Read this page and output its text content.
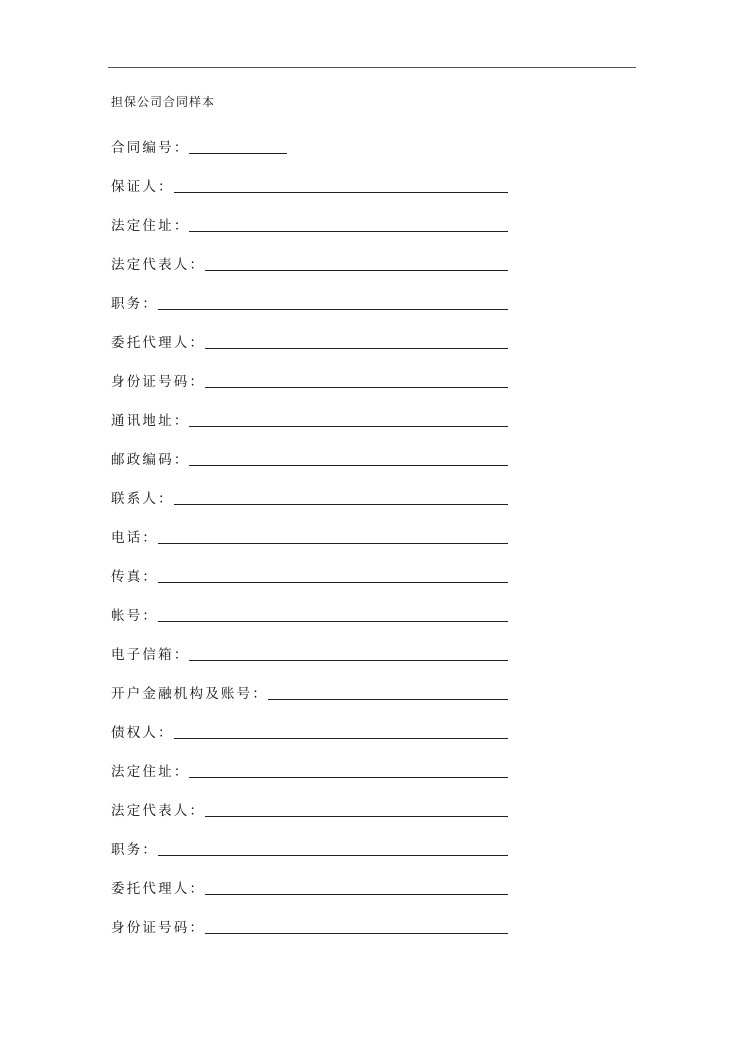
担保公司合同样本
合同编号 ：
保证人 ：
法定住址 ：
法定代表人 ：
职务 ：
委托代理人 ：
身份证号码 ：
通讯地址 ：
邮政编码 ：
联系人 ：
电话 ：
传真 ：
帐号 ：
电子信箱 ：
开户金融机构及账号 ：
债权人 ：
法定住址 ：
法定代表人 ：
职务 ：
委托代理人 ：
身份证号码 ：
